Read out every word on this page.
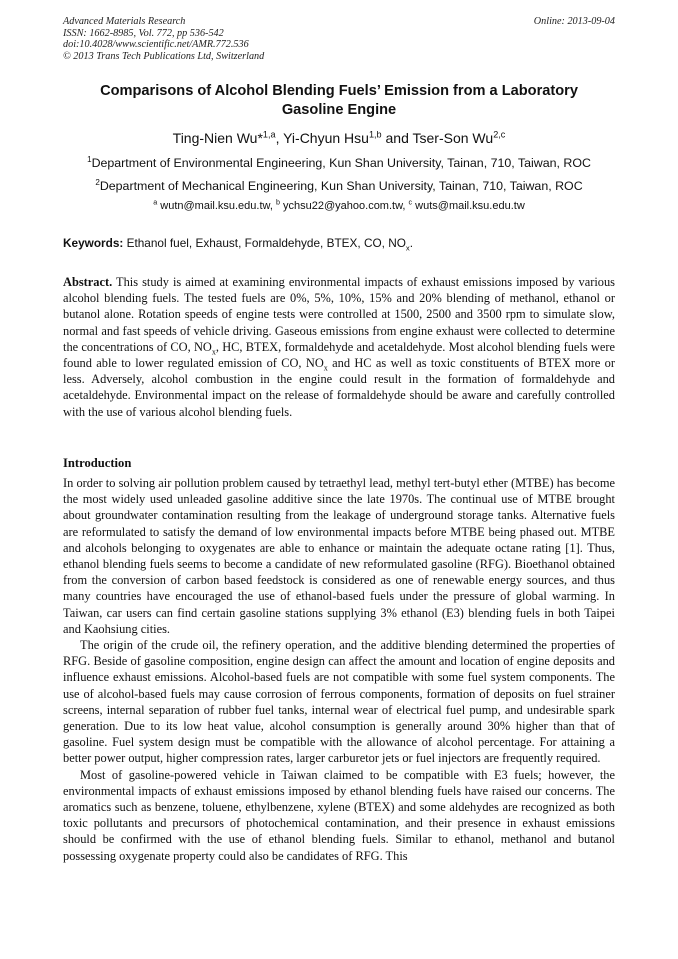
Advanced Materials Research
ISSN: 1662-8985, Vol. 772, pp 536-542
doi:10.4028/www.scientific.net/AMR.772.536
© 2013 Trans Tech Publications Ltd, Switzerland
Online: 2013-09-04
Comparisons of Alcohol Blending Fuels’ Emission from a Laboratory
Gasoline Engine
Ting-Nien Wu*$^{1,a}$, Yi-Chyun Hsu$^{1,b}$ and Tser-Son Wu$^{2,c}$
$^1$Department of Environmental Engineering, Kun Shan University, Tainan, 710, Taiwan, ROC
$^2$Department of Mechanical Engineering, Kun Shan University, Tainan, 710, Taiwan, ROC
$^a$ wutn@mail.ksu.edu.tw, $^b$ ychsu22@yahoo.com.tw, $^c$ wuts@mail.ksu.edu.tw
Keywords: Ethanol fuel, Exhaust, Formaldehyde, BTEX, CO, $NO_x$.

Abstract. This study is aimed at examining environmental impacts of exhaust emissions imposed by various alcohol blending fuels. The tested fuels are 0%, 5%, 10%, 15% and 20% blending of methanol, ethanol or butanol alone. Rotation speeds of engine tests were controlled at 1500, 2500 and 3500 rpm to simulate slow, normal and fast speeds of vehicle driving. Gaseous emissions from engine exhaust were collected to determine the concentrations of CO, $NO_x$, HC, BTEX, formaldehyde and acetaldehyde. Most alcohol blending fuels were found able to lower regulated emission of CO, $NO_x$ and HC as well as toxic constituents of BTEX more or less. Adversely, alcohol combustion in the engine could result in the formation of formaldehyde and acetaldehyde. Environmental impact on the release of formaldehyde should be aware and carefully controlled with the use of various alcohol blending fuels.

Introduction

In order to solving air pollution problem caused by tetraethyl lead, methyl tert-butyl ether (MTBE) has become the most widely used unleaded gasoline additive since the late 1970s. The continual use of MTBE brought about groundwater contamination resulting from the leakage of underground storage tanks. Alternative fuels are reformulated to satisfy the demand of low environmental impacts before MTBE being phased out. MTBE and alcohols belonging to oxygenates are able to enhance or maintain the adequate octane rating [1]. Thus, ethanol blending fuels seems to become a candidate of new reformulated gasoline (RFG). Bioethanol obtained from the conversion of carbon based feedstock is considered as one of renewable energy sources, and thus many countries have encouraged the use of ethanol-based fuels under the pressure of global warming. In Taiwan, car users can find certain gasoline stations supplying 3% ethanol (E3) blending fuels in both Taipei and Kaohsiung cities.

The origin of the crude oil, the refinery operation, and the additive blending determined the properties of RFG. Beside of gasoline composition, engine design can affect the amount and location of engine deposits and influence exhaust emissions. Alcohol-based fuels are not compatible with some fuel system components. The use of alcohol-based fuels may cause corrosion of ferrous components, formation of deposits on fuel strainer screens, internal separation of rubber fuel tanks, internal wear of electrical fuel pump, and undesirable spark generation. Due to its low heat value, alcohol consumption is generally around 30% higher than that of gasoline. Fuel system design must be compatible with the allowance of alcohol percentage. For attaining a better power output, higher compression rates, larger carburetor jets or fuel injectors are frequently required.

Most of gasoline-powered vehicle in Taiwan claimed to be compatible with E3 fuels; however, the environmental impacts of exhaust emissions imposed by ethanol blending fuels have raised our concerns. The aromatics such as benzene, toluene, ethylbenzene, xylene (BTEX) and some aldehydes are recognized as both toxic pollutants and precursors of photochemical contamination, and their presence in exhaust emissions should be confirmed with the use of ethanol blending fuels. Similar to ethanol, methanol and butanol possessing oxygenate property could also be candidates of RFG. This
